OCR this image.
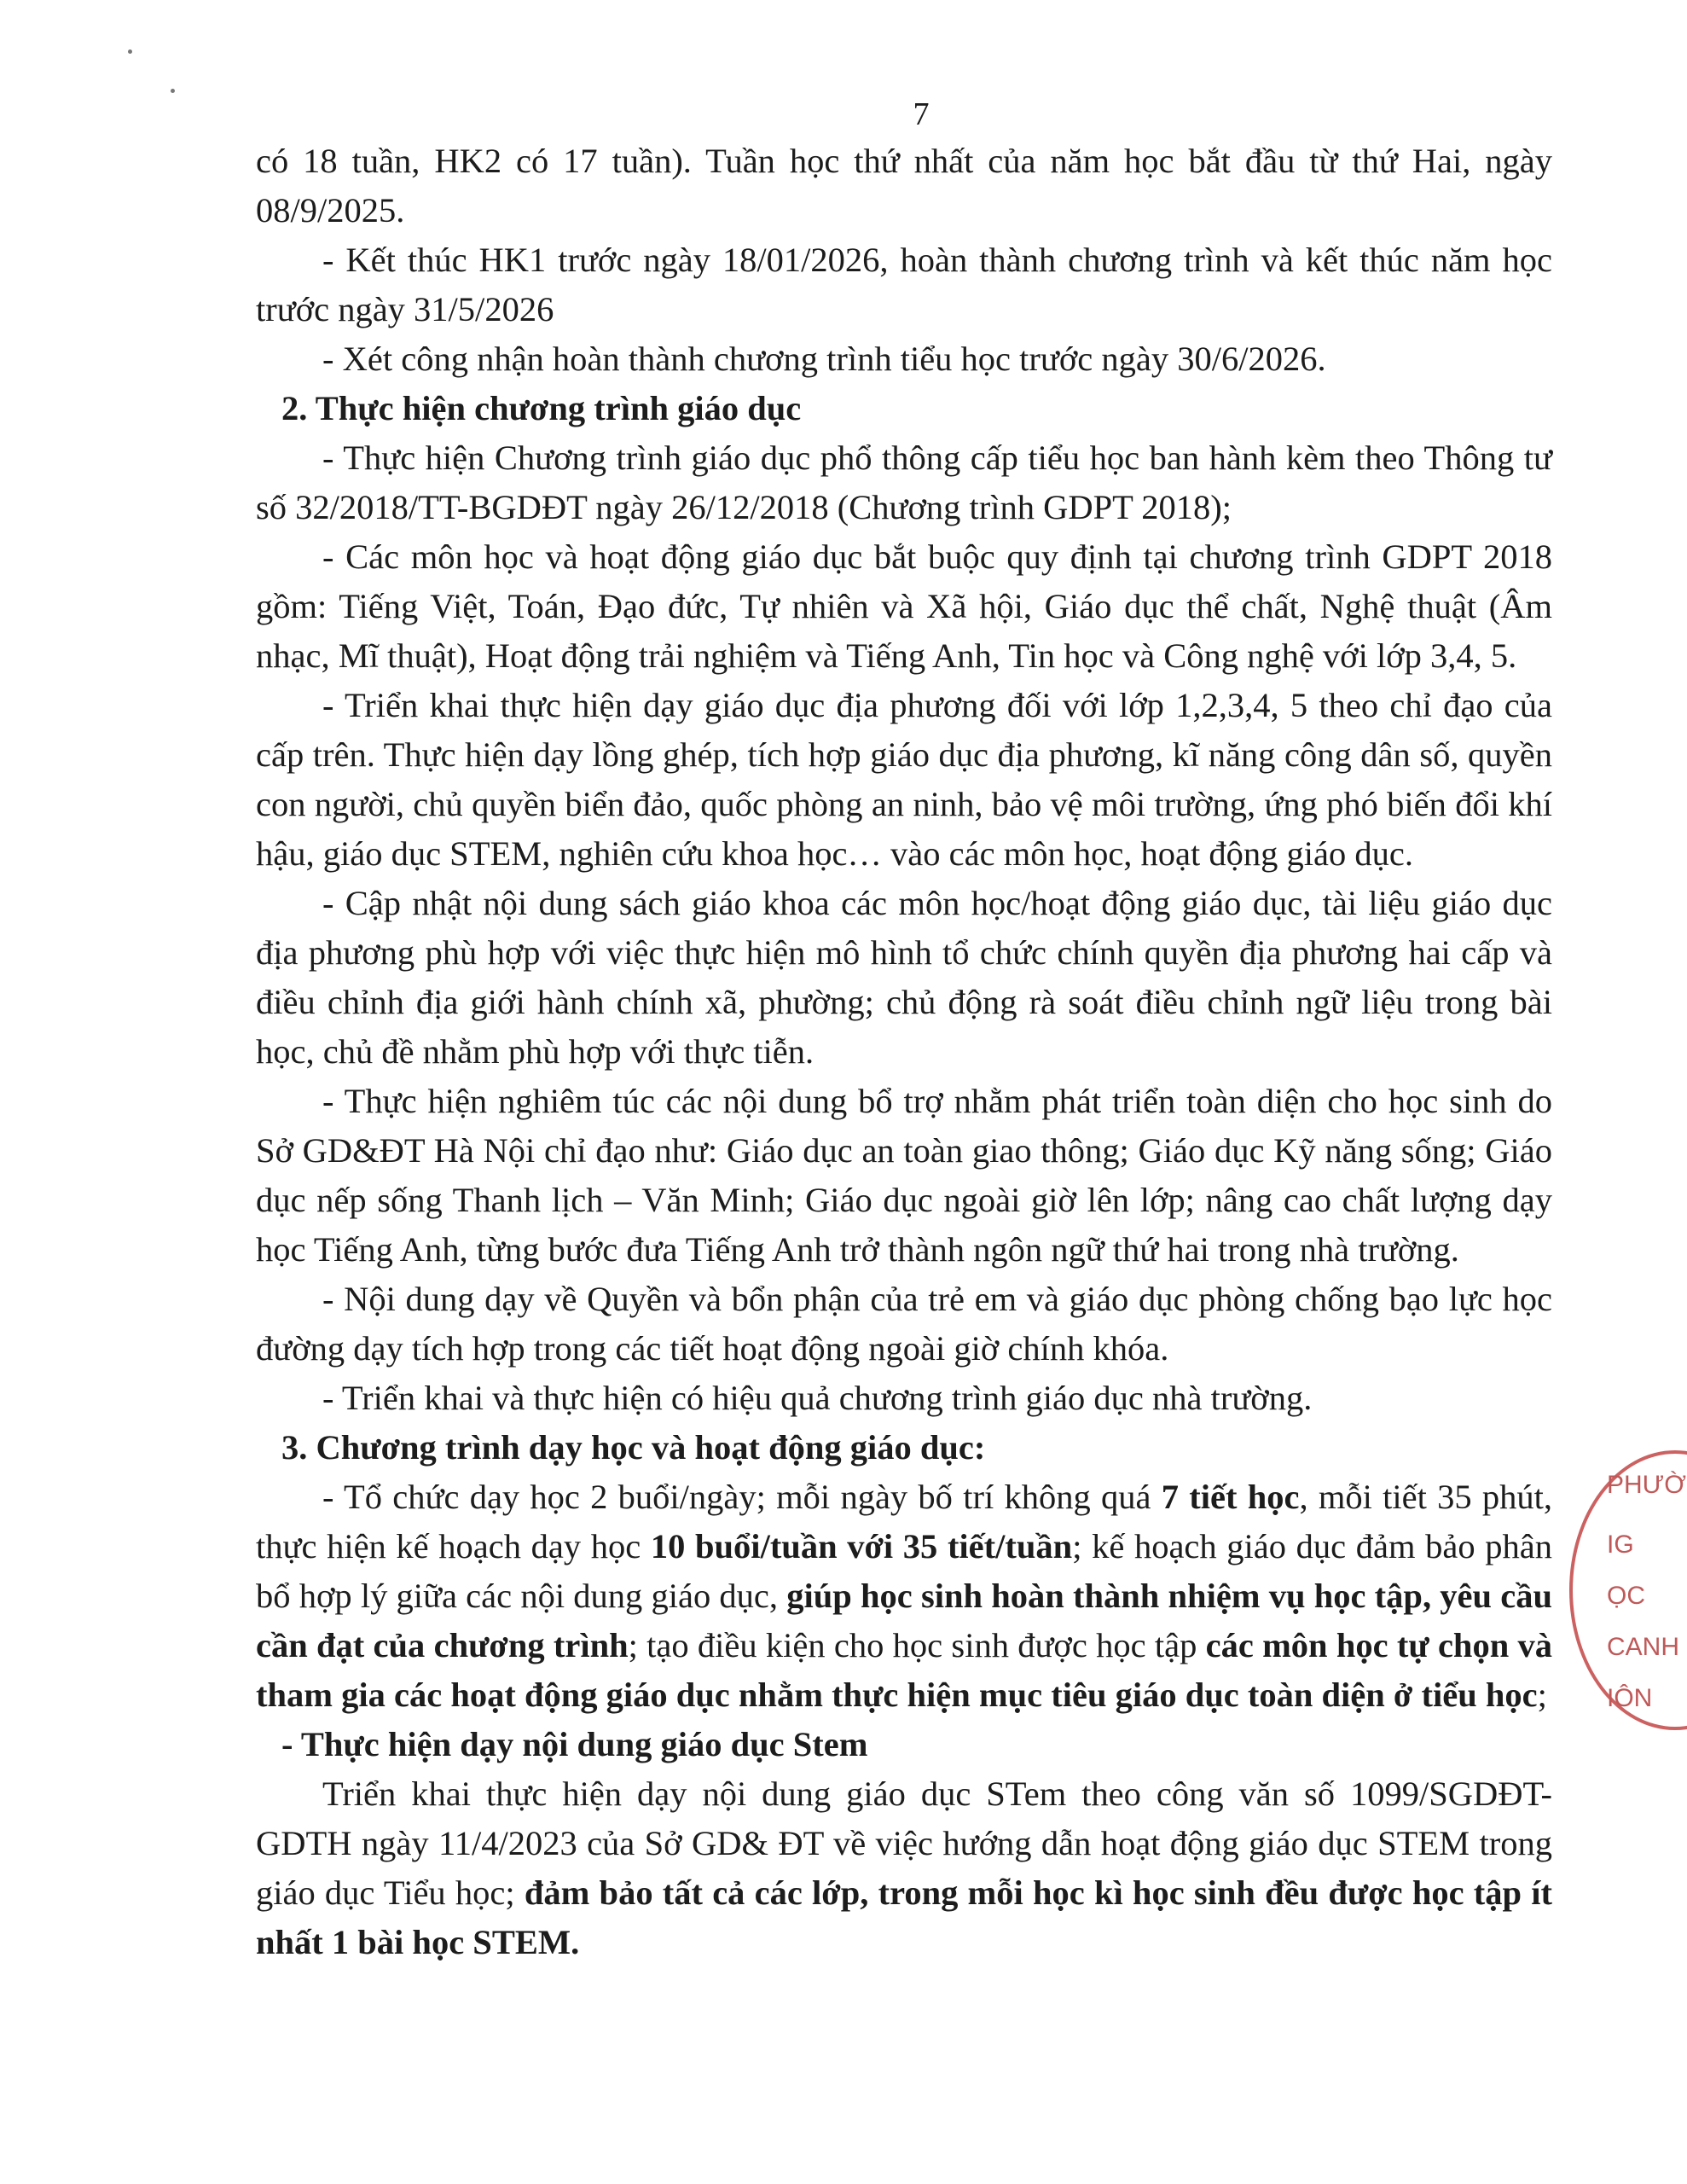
7

có 18 tuần, HK2 có 17 tuần). Tuần học thứ nhất của năm học bắt đầu từ thứ Hai, ngày 08/9/2025.

- Kết thúc HK1 trước ngày 18/01/2026, hoàn thành chương trình và kết thúc năm học trước ngày 31/5/2026

- Xét công nhận hoàn thành chương trình tiểu học trước ngày 30/6/2026.

2. Thực hiện chương trình giáo dục

- Thực hiện Chương trình giáo dục phổ thông cấp tiểu học ban hành kèm theo Thông tư số 32/2018/TT-BGDĐT ngày 26/12/2018 (Chương trình GDPT 2018);

- Các môn học và hoạt động giáo dục bắt buộc quy định tại chương trình GDPT 2018 gồm: Tiếng Việt, Toán, Đạo đức, Tự nhiên và Xã hội, Giáo dục thể chất, Nghệ thuật (Âm nhạc, Mĩ thuật), Hoạt động trải nghiệm và Tiếng Anh, Tin học và Công nghệ với lớp 3,4, 5.

- Triển khai thực hiện dạy giáo dục địa phương đối với lớp 1,2,3,4, 5 theo chỉ đạo của cấp trên. Thực hiện dạy lồng ghép, tích hợp giáo dục địa phương, kĩ năng công dân số, quyền con người, chủ quyền biển đảo, quốc phòng an ninh, bảo vệ môi trường, ứng phó biến đổi khí hậu, giáo dục STEM, nghiên cứu khoa học… vào các môn học, hoạt động giáo dục.

- Cập nhật nội dung sách giáo khoa các môn học/hoạt động giáo dục, tài liệu giáo dục địa phương phù hợp với việc thực hiện mô hình tổ chức chính quyền địa phương hai cấp và điều chỉnh địa giới hành chính xã, phường; chủ động rà soát điều chỉnh ngữ liệu trong bài học, chủ đề nhằm phù hợp với thực tiễn.

- Thực hiện nghiêm túc các nội dung bổ trợ nhằm phát triển toàn diện cho học sinh do Sở GD&ĐT Hà Nội chỉ đạo như: Giáo dục an toàn giao thông; Giáo dục Kỹ năng sống; Giáo dục nếp sống Thanh lịch – Văn Minh; Giáo dục ngoài giờ lên lớp; nâng cao chất lượng dạy học Tiếng Anh, từng bước đưa Tiếng Anh trở thành ngôn ngữ thứ hai trong nhà trường.

- Nội dung dạy về Quyền và bổn phận của trẻ em và giáo dục phòng chống bạo lực học đường dạy tích hợp trong các tiết hoạt động ngoài giờ chính khóa.

- Triển khai và thực hiện có hiệu quả chương trình giáo dục nhà trường.

3. Chương trình dạy học và hoạt động giáo dục:

- Tổ chức dạy học 2 buổi/ngày; mỗi ngày bố trí không quá 7 tiết học, mỗi tiết 35 phút, thực hiện kế hoạch dạy học 10 buổi/tuần với 35 tiết/tuần; kế hoạch giáo dục đảm bảo phân bổ hợp lý giữa các nội dung giáo dục, giúp học sinh hoàn thành nhiệm vụ học tập, yêu cầu cần đạt của chương trình; tạo điều kiện cho học sinh được học tập các môn học tự chọn và tham gia các hoạt động giáo dục nhằm thực hiện mục tiêu giáo dục toàn diện ở tiểu học;

- Thực hiện dạy nội dung giáo dục Stem

Triển khai thực hiện dạy nội dung giáo dục STem theo công văn số 1099/SGDĐT-GDTH ngày 11/4/2023 của Sở GD& ĐT về việc hướng dẫn hoạt động giáo dục STEM trong giáo dục Tiểu học; đảm bảo tất cả các lớp, trong mỗi học kì học sinh đều được học tập ít nhất 1 bài học STEM.

PHƯỜ
IG
ỌC
CANH
IÔN
